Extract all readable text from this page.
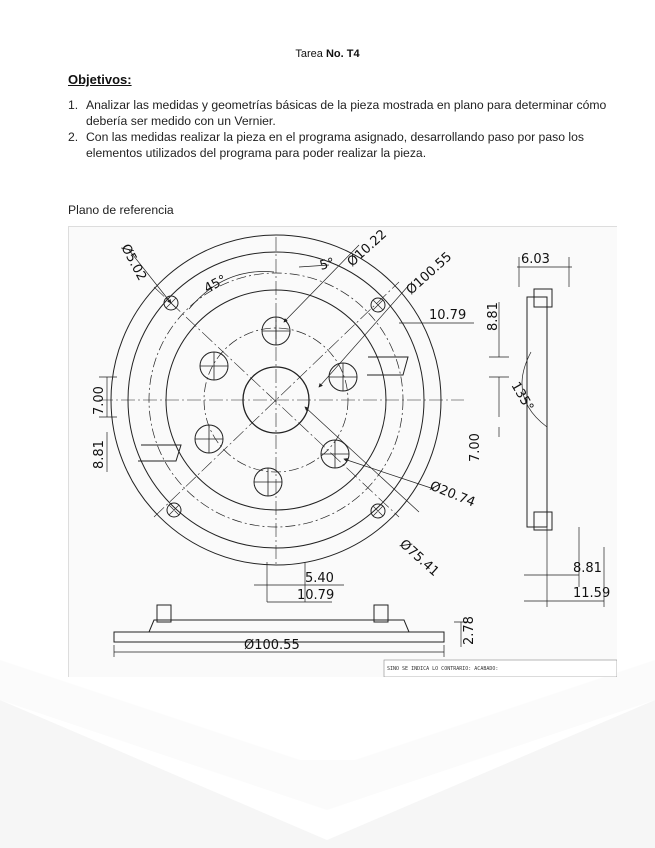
Tarea No. T4
Objetivos:
1. Analizar las medidas y geometrías básicas de la pieza mostrada en plano para determinar cómo debería ser medido con un Vernier.
2. Con las medidas realizar la pieza en el programa asignado, desarrollando paso por paso los elementos utilizados del programa para poder realizar la pieza.
Plano de referencia
SINO SE INDICA LO CONTRARIO: ACABADO:
Ø5.02
45°
5° Ø10.22
Ø100.55
10.79 8.81
7.00
8.81	7.00
Ø20.74
Ø75.41
5.40
10.79
6.03
135°
8.81
11.59
2.78
Ø100.55
